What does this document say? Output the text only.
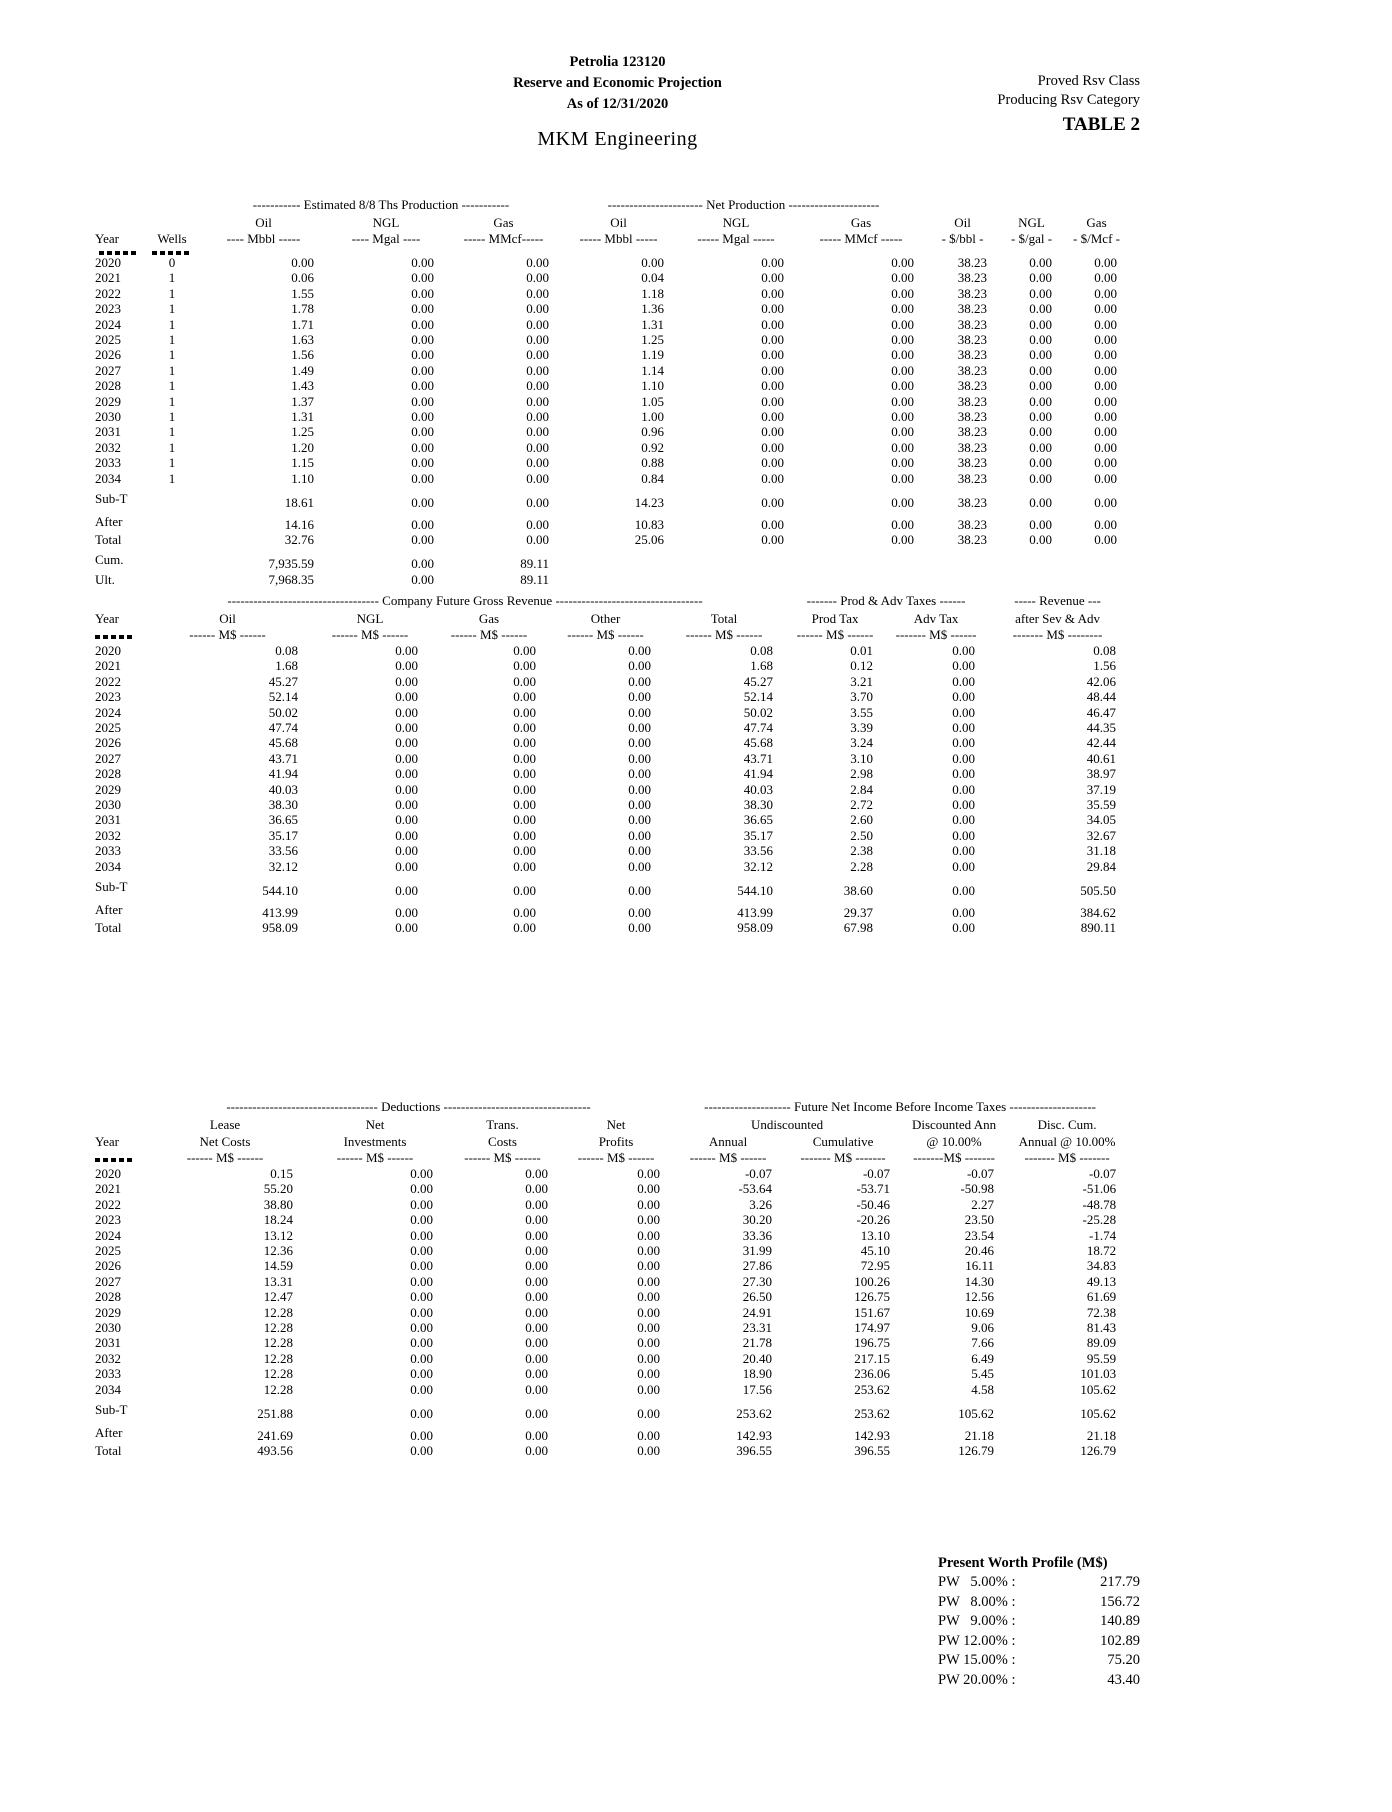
Petrolia 123120
Reserve and Economic Projection
As of 12/31/2020
MKM Engineering
Proved Rsv Class
Producing Rsv Category
TABLE 2
		----------- Estimated 8/8 Ths Production -----------			---------------------- Net Production ---------------------					
		Oil	NGL	Gas	Oil	NGL	Gas	Oil	NGL	Gas
Year	Wells	---- Mbbl -----	---- Mgal ----	----- MMcf-----	----- Mbbl -----	----- Mgal -----	----- MMcf -----	- $/bbl -	- $/gal -	- $/Mcf -

2020	0	0.00	0.00	0.00	0.00	0.00	0.00	38.23	0.00	0.00
2021	1	0.06	0.00	0.00	0.04	0.00	0.00	38.23	0.00	0.00
2022	1	1.55	0.00	0.00	1.18	0.00	0.00	38.23	0.00	0.00
2023	1	1.78	0.00	0.00	1.36	0.00	0.00	38.23	0.00	0.00
2024	1	1.71	0.00	0.00	1.31	0.00	0.00	38.23	0.00	0.00
2025	1	1.63	0.00	0.00	1.25	0.00	0.00	38.23	0.00	0.00
2026	1	1.56	0.00	0.00	1.19	0.00	0.00	38.23	0.00	0.00
2027	1	1.49	0.00	0.00	1.14	0.00	0.00	38.23	0.00	0.00
2028	1	1.43	0.00	0.00	1.10	0.00	0.00	38.23	0.00	0.00
2029	1	1.37	0.00	0.00	1.05	0.00	0.00	38.23	0.00	0.00
2030	1	1.31	0.00	0.00	1.00	0.00	0.00	38.23	0.00	0.00
2031	1	1.25	0.00	0.00	0.96	0.00	0.00	38.23	0.00	0.00
2032	1	1.20	0.00	0.00	0.92	0.00	0.00	38.23	0.00	0.00
2033	1	1.15	0.00	0.00	0.88	0.00	0.00	38.23	0.00	0.00
2034	1	1.10	0.00	0.00	0.84	0.00	0.00	38.23	0.00	0.00
Sub-T		18.61	0.00	0.00	14.23	0.00	0.00	38.23	0.00	0.00
After		14.16	0.00	0.00	10.83	0.00	0.00	38.23	0.00	0.00
Total		32.76	0.00	0.00	25.06	0.00	0.00	38.23	0.00	0.00
Cum.		7,935.59	0.00	89.11						
Ult.		7,968.35	0.00	89.11						
	----------------------------------- Company Future Gross Revenue ----------------------------------					------- Prod & Adv Taxes ------		----- Revenue ---
Year	Oil	NGL	Gas	Other	Total	Prod Tax	Adv Tax	after Sev & Adv
	------ M$ ------	------ M$ ------	------ M$ ------	------ M$ ------	------ M$ ------	------ M$ ------	------- M$ ------	------- M$ --------
2020	0.08	0.00	0.00	0.00	0.08	0.01	0.00	0.08
2021	1.68	0.00	0.00	0.00	1.68	0.12	0.00	1.56
2022	45.27	0.00	0.00	0.00	45.27	3.21	0.00	42.06
2023	52.14	0.00	0.00	0.00	52.14	3.70	0.00	48.44
2024	50.02	0.00	0.00	0.00	50.02	3.55	0.00	46.47
2025	47.74	0.00	0.00	0.00	47.74	3.39	0.00	44.35
2026	45.68	0.00	0.00	0.00	45.68	3.24	0.00	42.44
2027	43.71	0.00	0.00	0.00	43.71	3.10	0.00	40.61
2028	41.94	0.00	0.00	0.00	41.94	2.98	0.00	38.97
2029	40.03	0.00	0.00	0.00	40.03	2.84	0.00	37.19
2030	38.30	0.00	0.00	0.00	38.30	2.72	0.00	35.59
2031	36.65	0.00	0.00	0.00	36.65	2.60	0.00	34.05
2032	35.17	0.00	0.00	0.00	35.17	2.50	0.00	32.67
2033	33.56	0.00	0.00	0.00	33.56	2.38	0.00	31.18
2034	32.12	0.00	0.00	0.00	32.12	2.28	0.00	29.84
Sub-T	544.10	0.00	0.00	0.00	544.10	38.60	0.00	505.50
After	413.99	0.00	0.00	0.00	413.99	29.37	0.00	384.62
Total	958.09	0.00	0.00	0.00	958.09	67.98	0.00	890.11
	----------------------------------- Deductions ----------------------------------				-------------------- Future Net Income Before Income Taxes --------------------			
	Lease	Net	Trans.	Net	Undiscounted		Discounted Ann	Disc. Cum.
Year	Net Costs	Investments	Costs	Profits	Annual	Cumulative	@ 10.00%	Annual @ 10.00%
	------ M$ ------	------ M$ ------	------ M$ ------	------ M$ ------	------ M$ ------	------- M$ -------	-------M$ -------	------- M$ -------
2020	0.15	0.00	0.00	0.00	-0.07	-0.07	-0.07	-0.07
2021	55.20	0.00	0.00	0.00	-53.64	-53.71	-50.98	-51.06
2022	38.80	0.00	0.00	0.00	3.26	-50.46	2.27	-48.78
2023	18.24	0.00	0.00	0.00	30.20	-20.26	23.50	-25.28
2024	13.12	0.00	0.00	0.00	33.36	13.10	23.54	-1.74
2025	12.36	0.00	0.00	0.00	31.99	45.10	20.46	18.72
2026	14.59	0.00	0.00	0.00	27.86	72.95	16.11	34.83
2027	13.31	0.00	0.00	0.00	27.30	100.26	14.30	49.13
2028	12.47	0.00	0.00	0.00	26.50	126.75	12.56	61.69
2029	12.28	0.00	0.00	0.00	24.91	151.67	10.69	72.38
2030	12.28	0.00	0.00	0.00	23.31	174.97	9.06	81.43
2031	12.28	0.00	0.00	0.00	21.78	196.75	7.66	89.09
2032	12.28	0.00	0.00	0.00	20.40	217.15	6.49	95.59
2033	12.28	0.00	0.00	0.00	18.90	236.06	5.45	101.03
2034	12.28	0.00	0.00	0.00	17.56	253.62	4.58	105.62
Sub-T	251.88	0.00	0.00	0.00	253.62	253.62	105.62	105.62
After	241.69	0.00	0.00	0.00	142.93	142.93	21.18	21.18
Total	493.56	0.00	0.00	0.00	396.55	396.55	126.79	126.79
Present Worth Profile (M$)
PW   5.00% :	217.79
PW   8.00% :	156.72
PW   9.00% :	140.89
PW 12.00% :	102.89
PW 15.00% :	75.20
PW 20.00% :	43.40
